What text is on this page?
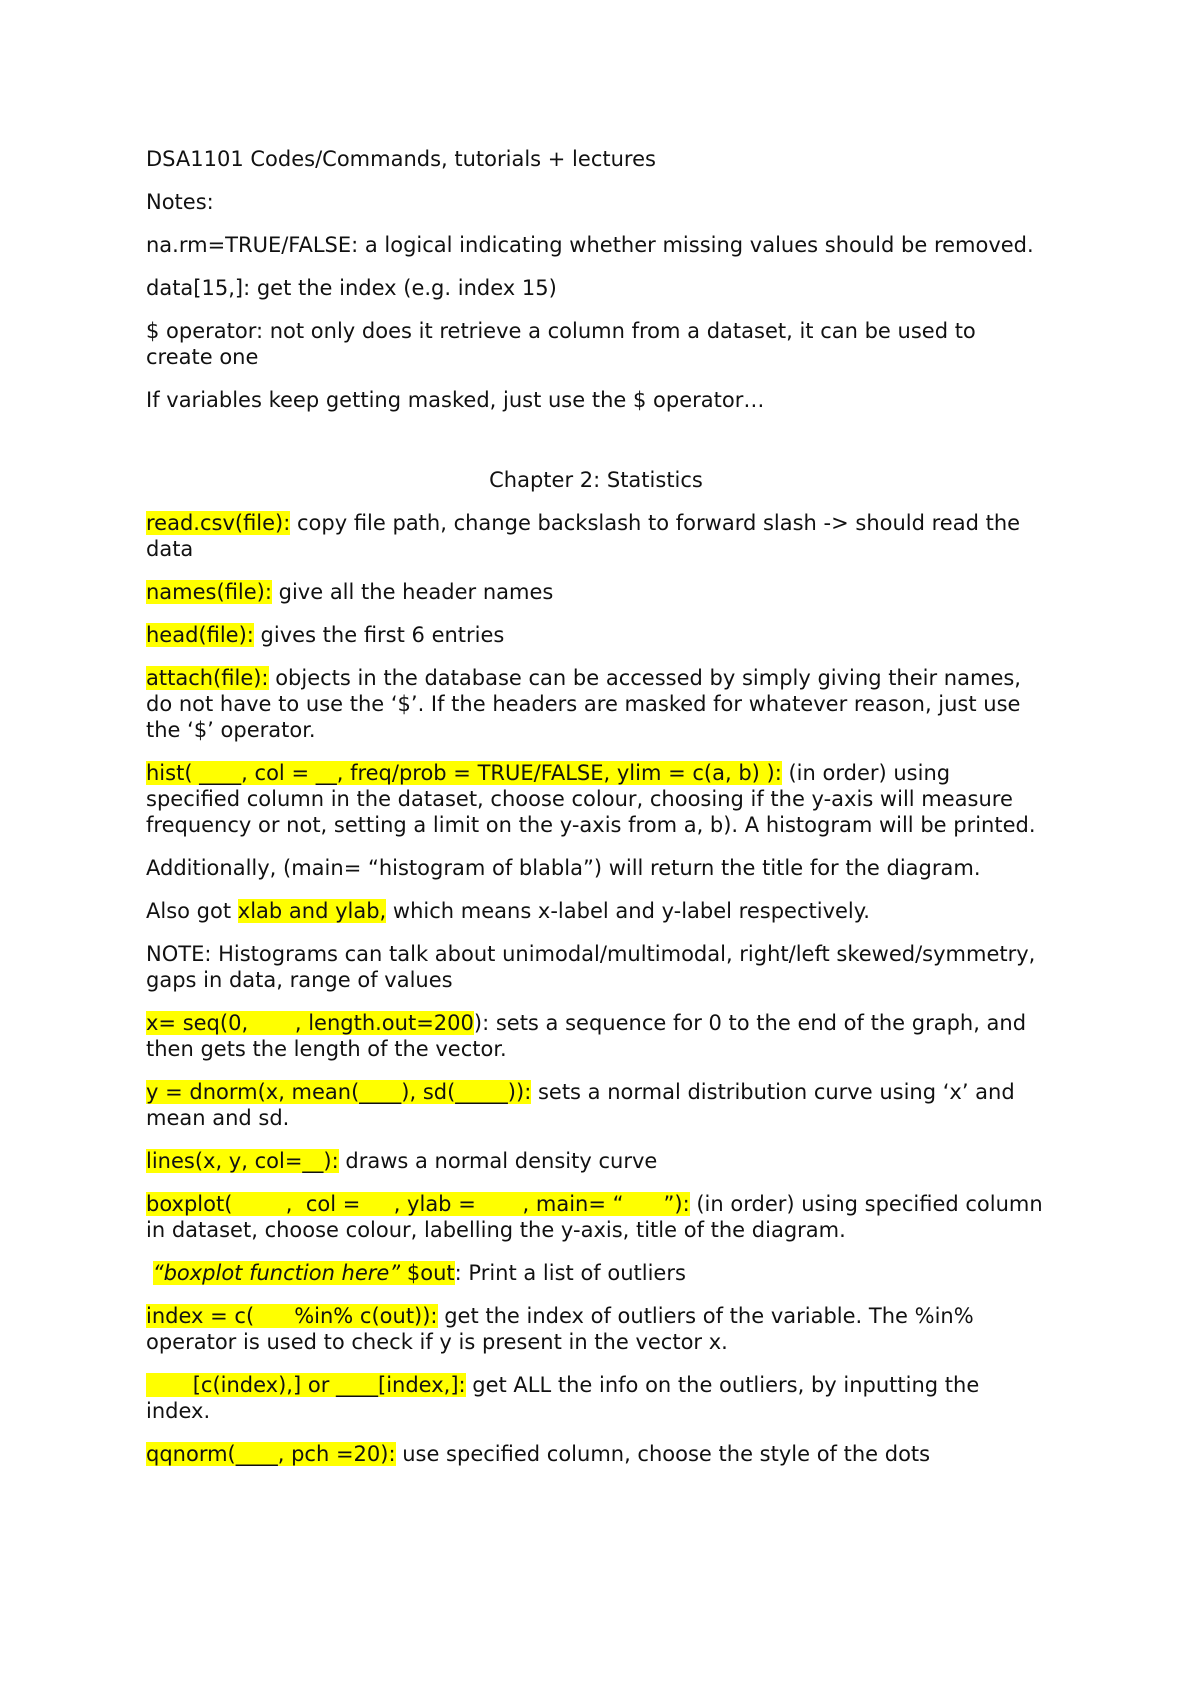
DSA1101 Codes/Commands, tutorials + lectures

Notes:

na.rm=TRUE/FALSE: a logical indicating whether missing values should be removed.

data[15,]: get the index (e.g. index 15)

$ operator: not only does it retrieve a column from a dataset, it can be used to create one

If variables keep getting masked, just use the $ operator…

Chapter 2: Statistics

read.csv(file): copy file path, change backslash to forward slash -> should read the data

names(file): give all the header names

head(file): gives the first 6 entries

attach(file): objects in the database can be accessed by simply giving their names, do not have to use the ‘$’. If the headers are masked for whatever reason, just use the ‘$’ operator.

hist( ____, col = __, freq/prob = TRUE/FALSE, ylim = c(a, b) ): (in order) using specified column in the dataset, choose colour, choosing if the y-axis will measure frequency or not, setting a limit on the y-axis from a, b). A histogram will be printed.

Additionally, (main= “histogram of blabla”) will return the title for the diagram.

Also got xlab and ylab, which means x-label and y-label respectively.

NOTE: Histograms can talk about unimodal/multimodal, right/left skewed/symmetry, gaps in data, range of values

x= seq(0,       , length.out=200): sets a sequence for 0 to the end of the graph, and then gets the length of the vector.

y = dnorm(x, mean(____), sd(_____)): sets a normal distribution curve using ‘x’ and mean and sd.

lines(x, y, col=__): draws a normal density curve

boxplot(        ,  col =     , ylab =       , main= “      ”): (in order) using specified column in dataset, choose colour, labelling the y-axis, title of the diagram.

“boxplot function here” $out: Print a list of outliers

index = c(      %in% c(out)): get the index of outliers of the variable. The %in% operator is used to check if y is present in the vector x.

[c(index),] or ____[index,]: get ALL the info on the outliers, by inputting the index.

qqnorm(____, pch =20): use specified column, choose the style of the dots
